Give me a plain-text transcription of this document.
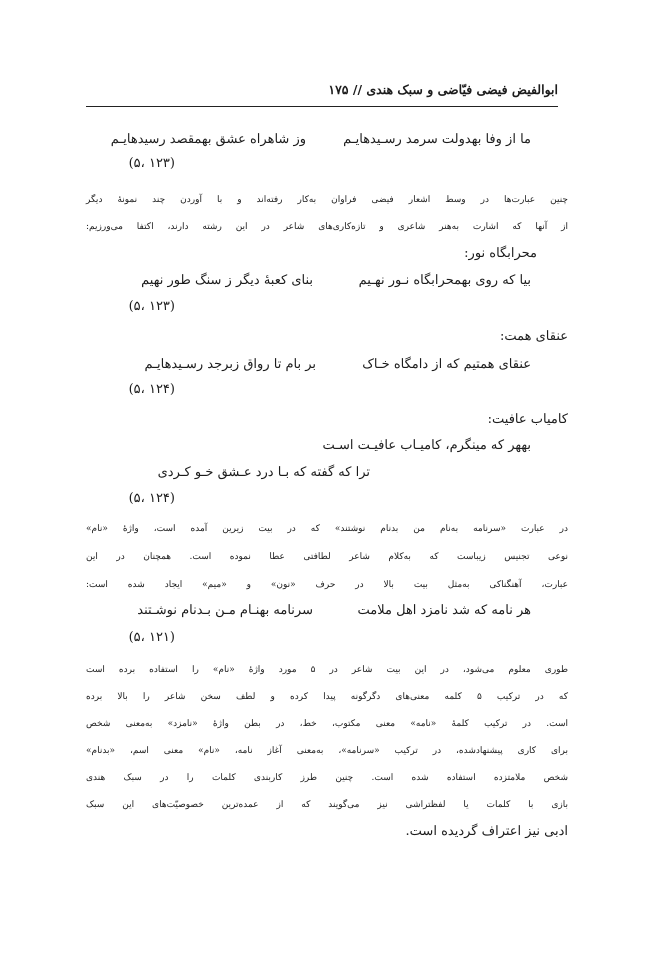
ابوالفیض فیضی فیّاضی و سبک هندی // ۱۷۵
ما از وفا بهدولت سرمد رسـیدهایـم
وز شاهراه عشق بهمقصد رسیدهایـم
(۱۲۳ ،۵)
چنین عبارت‌ها در وسط اشعار فیضی فراوان به‌کار رفته‌اند و با آوردن چند نمونۀ دیگر
از آنها که اشارت به‌هنر شاعری و تازه‌کاری‌های شاعر در این رشته دارند، اکتفا می‌ورزیم:
محرابگاه نور:
بیا که روی بهمحرابگاه نـور نهـیم
بنای کعبۀ دیگر ز سنگ طور نهیم
(۱۲۳ ،۵)
عنقای همت:
عنقای همتیم که از دامگاه خـاک
بر بام تا رواق زبرجد رسـیدهایـم
(۱۲۴ ،۵)
کامیاب عافیت:
بههر که مینگرم، کامیـاب عافیـت اسـت
ترا که گفته که بـا درد عـشق خـو کـردی
(۱۲۴ ،۵)
در عبارت «سرنامه به‌نام من بدنام نوشتند» که در بیت زیرین آمده است، واژۀ «نام»
نوعی تجنیس زیباست که به‌کلام شاعر لطافتی عطا نموده است. همچنان در این
عبارت، آهنگناکی به‌مثل بیت بالا در حرف «نون» و «میم» ایجاد شده است:
هر نامه که شد نامزد اهل ملامت
سرنامه بهنـام مـن بـدنام نوشـتند
(۱۲۱ ،۵)
طوری معلوم می‌شود، در این بیت شاعر در ۵ مورد واژۀ «نام» را استفاده برده است
که در ترکیب ۵ کلمه معنی‌های دگرگونه پیدا کرده و لطف سخن شاعر را بالا برده
است. در ترکیب کلمۀ «نامه» معنی مکتوب، خط، در بطن واژۀ «نامزد» به‌معنی شخص
برای کاری پیشنهادشده، در ترکیب «سرنامه»، به‌معنی آغاز نامه، «نام» معنی اسم، «بدنام»
شخص ملامتزده استفاده شده است. چنین طرز کاربندی کلمات را در سبک هندی
بازی با کلمات یا لفظتراشی نیز می‌گویند که از عمده‌ترین خصوصیّت‌های این سبک
ادبی نیز اعتراف گردیده است.
